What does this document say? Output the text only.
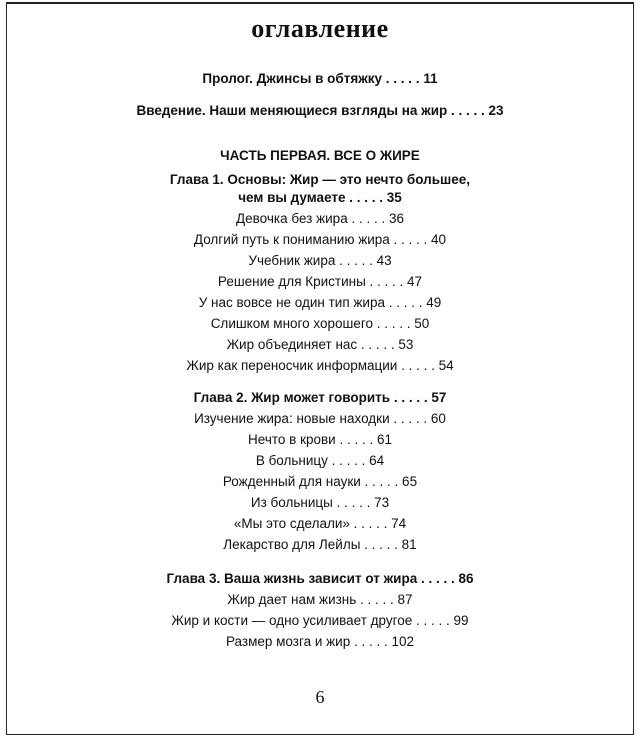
оглавление
Пролог. Джинсы в обтяжку . . . . . 11
Введение. Наши меняющиеся взгляды на жир . . . . . 23
ЧАСТЬ ПЕРВАЯ. ВСЕ О ЖИРЕ
Глава 1. Основы: Жир — это нечто большее,
чем вы думаете . . . . . 35
Девочка без жира . . . . . 36
Долгий путь к пониманию жира . . . . . 40
Учебник жира . . . . . 43
Решение для Кристины . . . . . 47
У нас вовсе не один тип жира . . . . . 49
Слишком много хорошего . . . . . 50
Жир объединяет нас . . . . . 53
Жир как переносчик информации . . . . . 54
Глава 2. Жир может говорить . . . . . 57
Изучение жира: новые находки . . . . . 60
Нечто в крови . . . . . 61
В больницу . . . . . 64
Рожденный для науки . . . . . 65
Из больницы . . . . . 73
«Мы это сделали» . . . . . 74
Лекарство для Лейлы . . . . . 81
Глава 3. Ваша жизнь зависит от жира . . . . . 86
Жир дает нам жизнь . . . . . 87
Жир и кости — одно усиливает другое . . . . . 99
Размер мозга и жир . . . . . 102
6
